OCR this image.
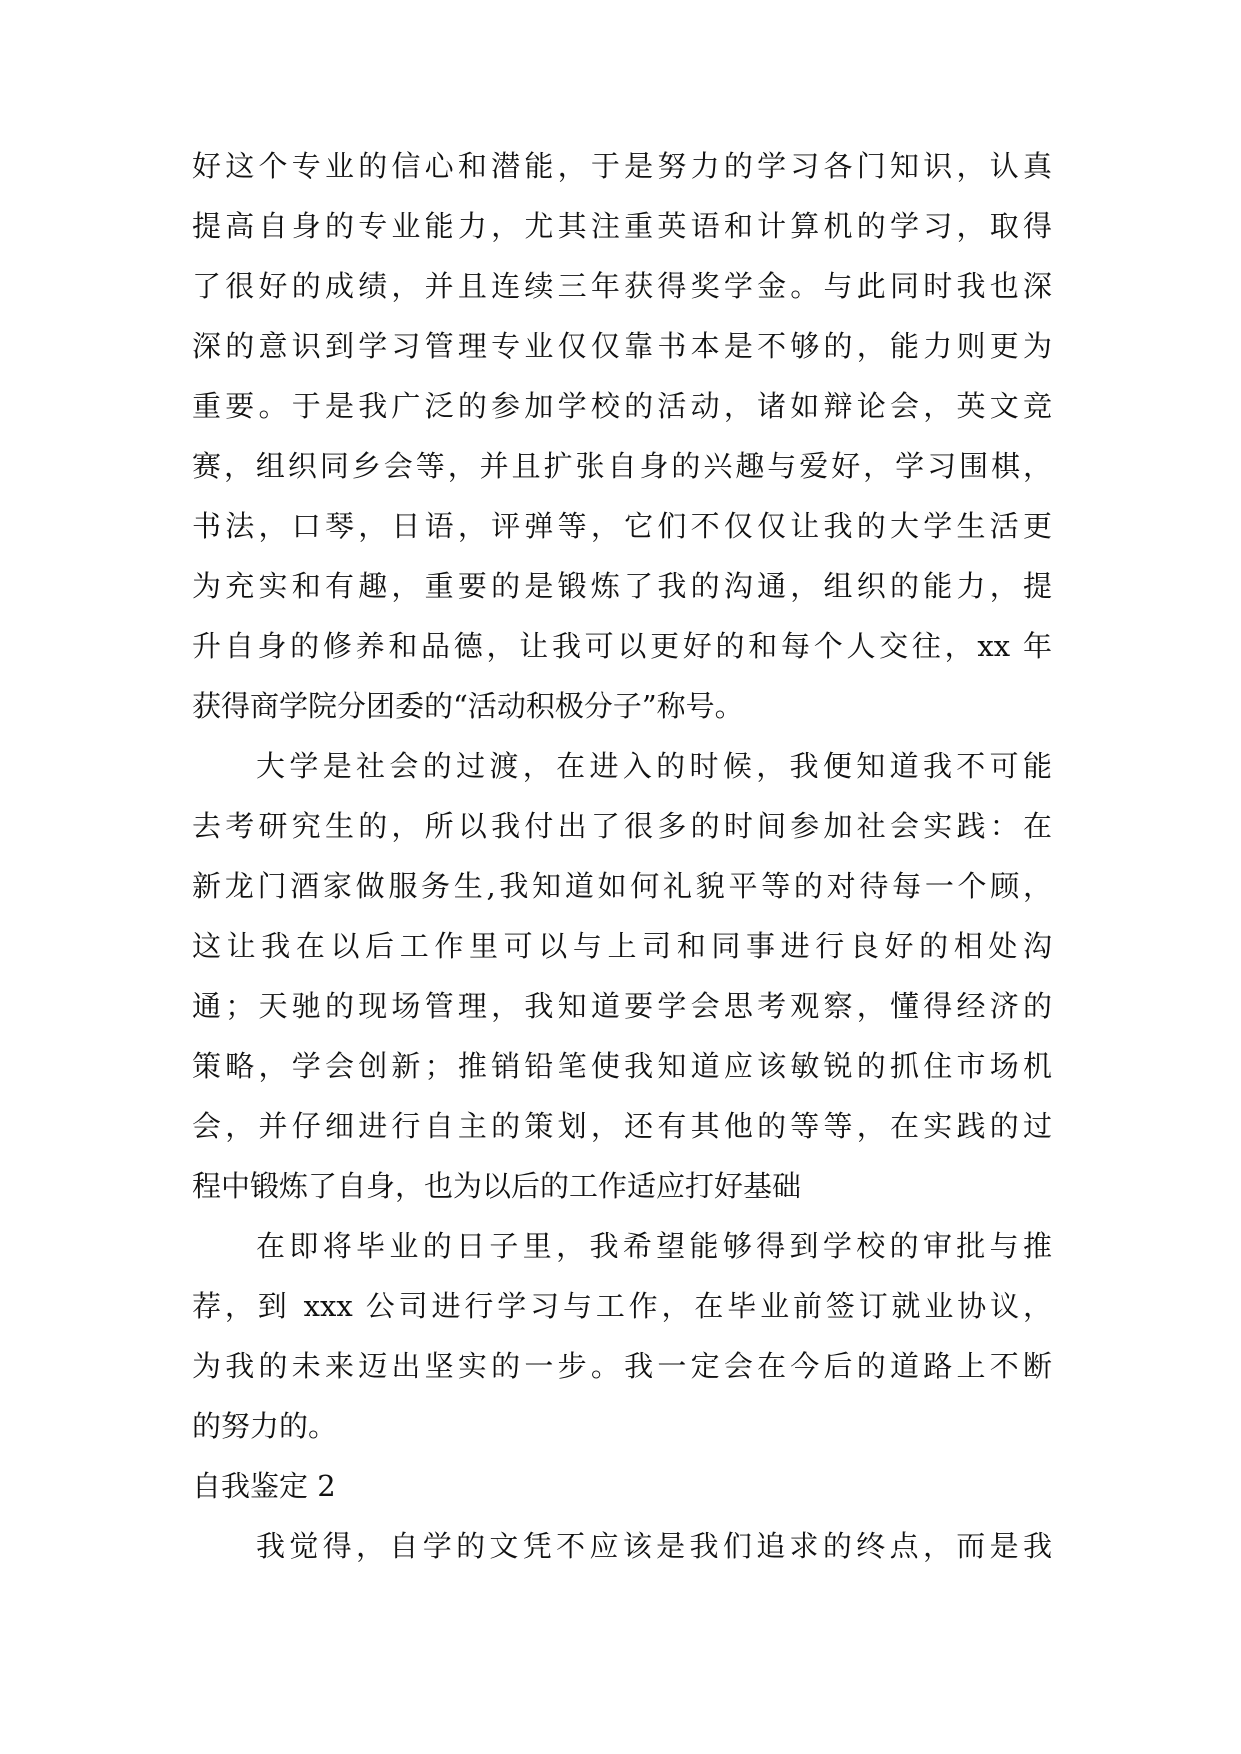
好这个专业的信心和潜能，于是努力的学习各门知识，认真
提高自身的专业能力，尤其注重英语和计算机的学习，取得
了很好的成绩，并且连续三年获得奖学金。与此同时我也深
深的意识到学习管理专业仅仅靠书本是不够的，能力则更为
重要。于是我广泛的参加学校的活动，诸如辩论会，英文竞
赛，组织同乡会等，并且扩张自身的兴趣与爱好，学习围棋，
书法，口琴，日语，评弹等，它们不仅仅让我的大学生活更
为充实和有趣，重要的是锻炼了我的沟通，组织的能力，提
升自身的修养和品德，让我可以更好的和每个人交往，xx 年
获得商学院分团委的“活动积极分子”称号。
大学是社会的过渡，在进入的时候，我便知道我不可能
去考研究生的，所以我付出了很多的时间参加社会实践：在
新龙门酒家做服务生,我知道如何礼貌平等的对待每一个顾，
这让我在以后工作里可以与上司和同事进行良好的相处沟
通；天驰的现场管理，我知道要学会思考观察，懂得经济的
策略，学会创新；推销铅笔使我知道应该敏锐的抓住市场机
会，并仔细进行自主的策划，还有其他的等等，在实践的过
程中锻炼了自身，也为以后的工作适应打好基础
在即将毕业的日子里，我希望能够得到学校的审批与推
荐，到 xxx 公司进行学习与工作，在毕业前签订就业协议，
为我的未来迈出坚实的一步。我一定会在今后的道路上不断
的努力的。
自我鉴定 2
我觉得，自学的文凭不应该是我们追求的终点，而是我
